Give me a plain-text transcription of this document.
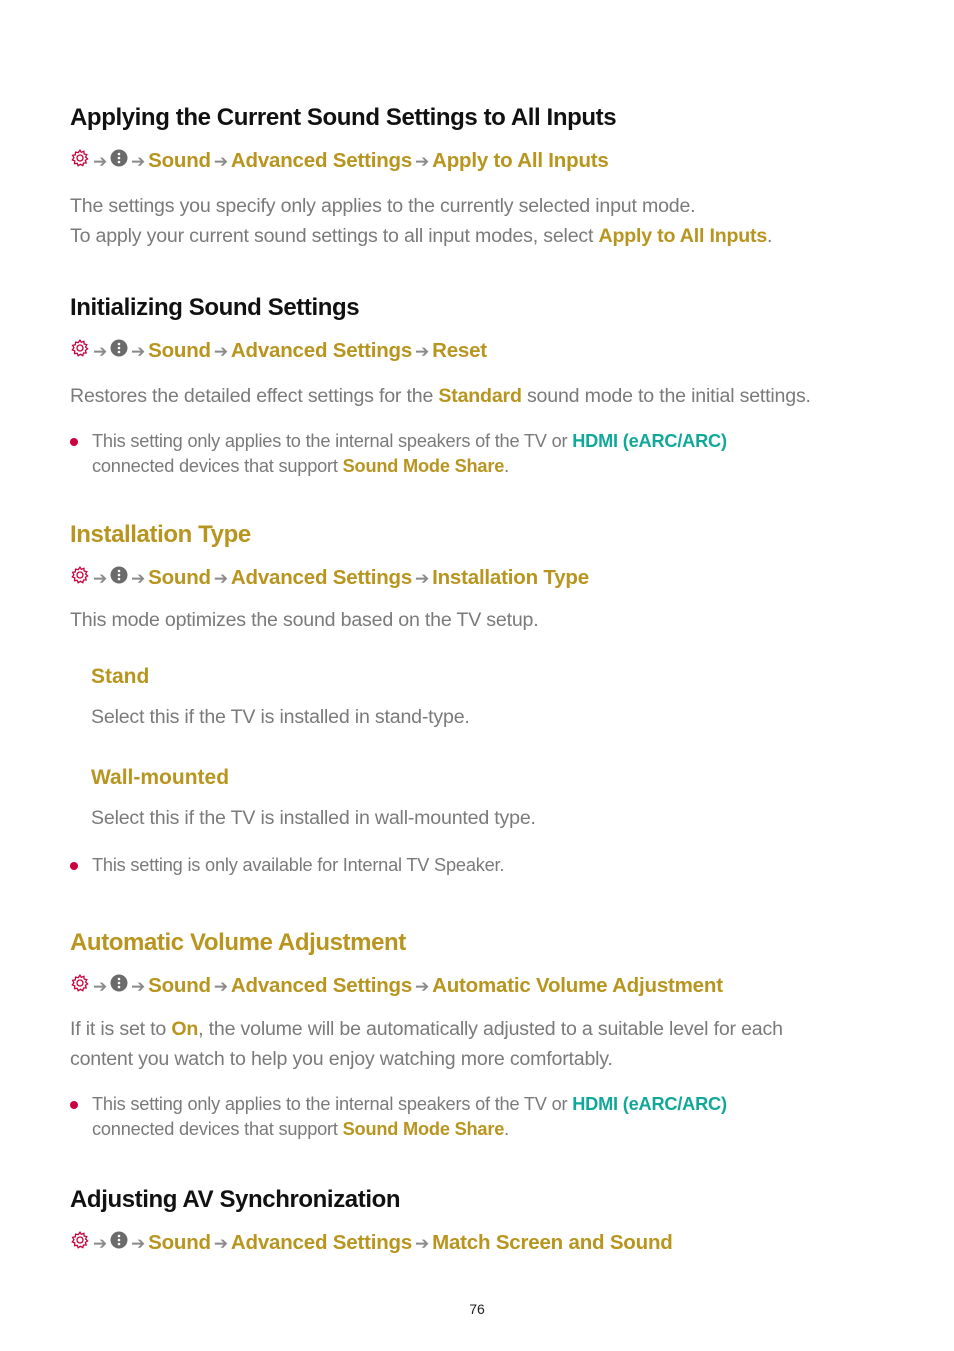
Applying the Current Sound Settings to All Inputs
➔ ➔ Sound ➔ Advanced Settings ➔ Apply to All Inputs

The settings you specify only applies to the currently selected input mode.

To apply your current sound settings to all input modes, select Apply to All Inputs.

Initializing Sound Settings
➔ ➔ Sound ➔ Advanced Settings ➔ Reset

Restores the detailed effect settings for the Standard sound mode to the initial settings.

This setting only applies to the internal speakers of the TV or HDMI (eARC/ARC)
connected devices that support Sound Mode Share.
Installation Type
➔ ➔ Sound ➔ Advanced Settings ➔ Installation Type

This mode optimizes the sound based on the TV setup.

Stand
Select this if the TV is installed in stand-type.
Wall-mounted
Select this if the TV is installed in wall-mounted type.
This setting is only available for Internal TV Speaker.
Automatic Volume Adjustment
➔ ➔ Sound ➔ Advanced Settings ➔ Automatic Volume Adjustment

If it is set to On, the volume will be automatically adjusted to a suitable level for each

content you watch to help you enjoy watching more comfortably.

This setting only applies to the internal speakers of the TV or HDMI (eARC/ARC)
connected devices that support Sound Mode Share.
Adjusting AV Synchronization
➔ ➔ Sound ➔ Advanced Settings ➔ Match Screen and Sound
76
